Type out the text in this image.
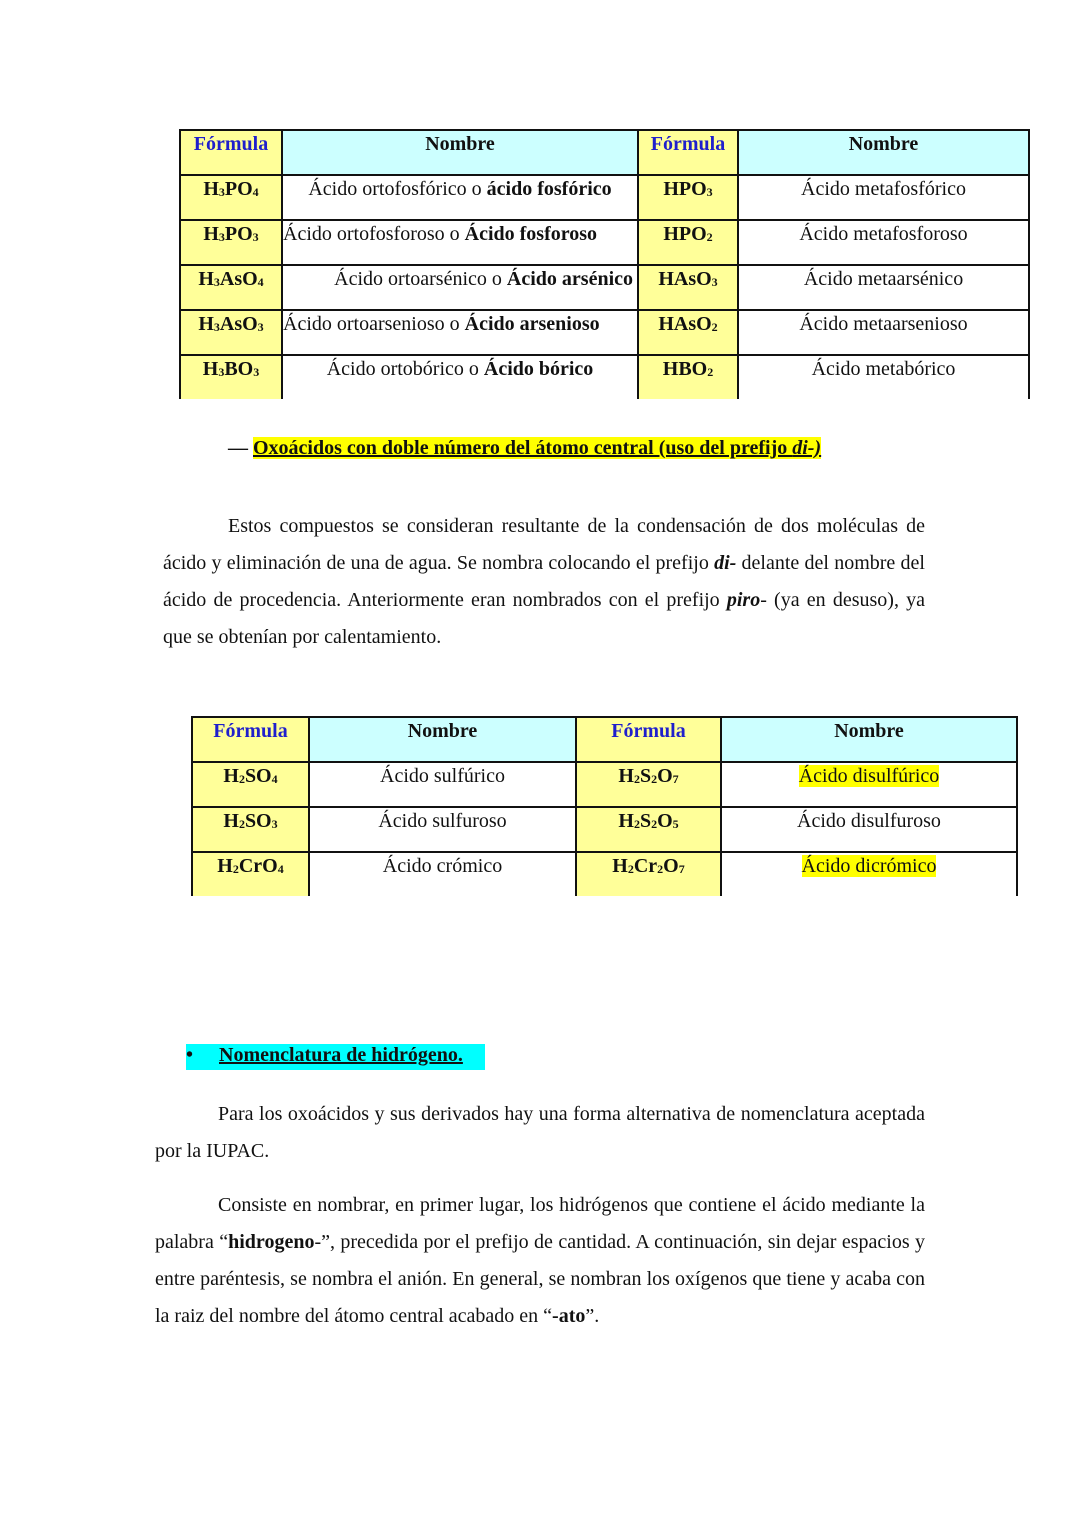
Fórmula	Nombre	Fórmula	Nombre
$H_3PO_4$	Ácido ortofosfórico o ácido fosfórico	$HPO_3$	Ácido metafosfórico
$H_3PO_3$	Ácido ortofosforoso o Ácido fosforoso	$HPO_2$	Ácido metafosforoso
$H_3AsO_4$	Ácido ortoarsénico o Ácido arsénico	HAsO$_3$	Ácido metaarsénico
$H_3AsO_3$	Ácido ortoarsenioso o Ácido arsenioso	HAsO$_2$	Ácido metaarsenioso
$H_3BO_3$	Ácido ortobórico o Ácido bórico	$HBO_2$	Ácido metabórico
— Oxoácidos con doble número del átomo central (uso del prefijo di-)
Estos compuestos se consideran resultante de la condensación de dos moléculas de ácido y eliminación de una de agua. Se nombra colocando el prefijo di- delante del nombre del ácido de procedencia. Anteriormente eran nombrados con el prefijo piro- (ya en desuso), ya que se obtenían por calentamiento.
Fórmula	Nombre	Fórmula	Nombre
$H_2SO_4$	Ácido sulfúrico	$H_2S_2O_7$	Ácido disulfúrico
$H_2SO_3$	Ácido sulfuroso	$H_2S_2O_5$	Ácido disulfuroso
$H_2CrO_4$	Ácido crómico	$H_2Cr_2O_7$	Ácido dicrómico
• Nomenclatura de hidrógeno.
Para los oxoácidos y sus derivados hay una forma alternativa de nomenclatura aceptada por la IUPAC.
Consiste en nombrar, en primer lugar, los hidrógenos que contiene el ácido mediante la palabra “hidrogeno-”, precedida por el prefijo de cantidad. A continuación, sin dejar espacios y entre paréntesis, se nombra el anión. En general, se nombran los oxígenos que tiene y acaba con la raiz del nombre del átomo central acabado en “-ato”.
